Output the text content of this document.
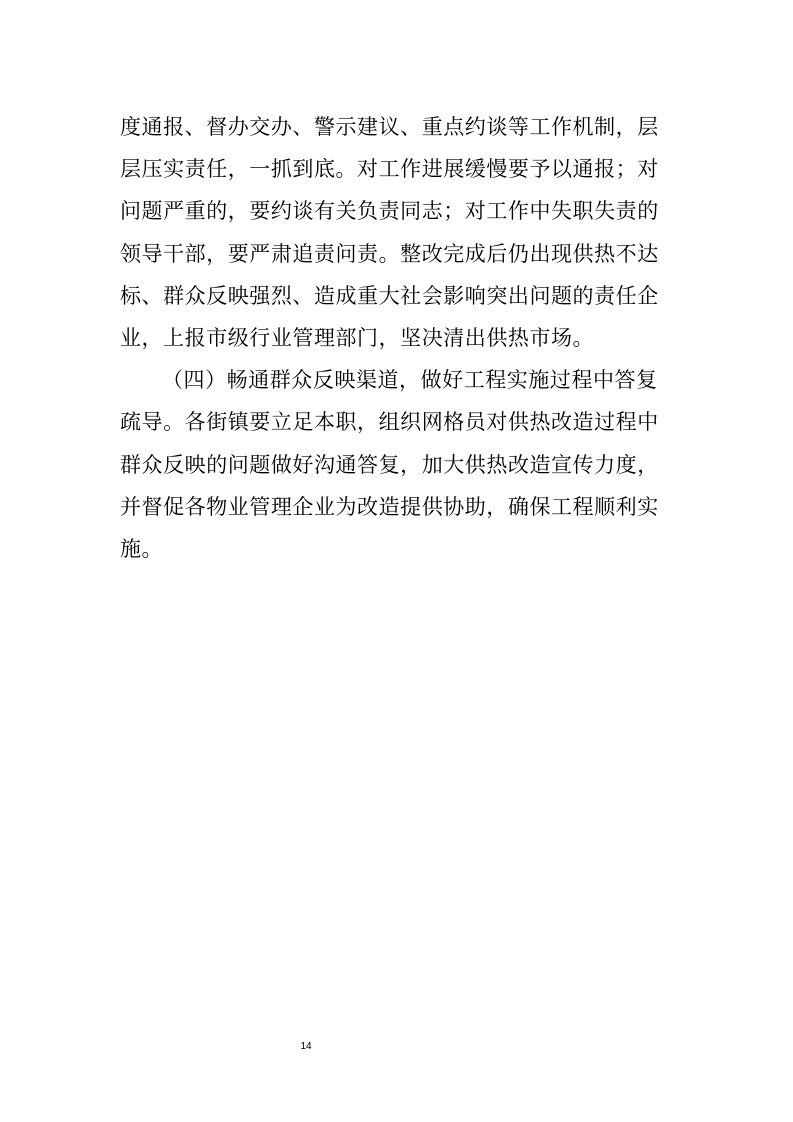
度通报、督办交办、警示建议、重点约谈等工作机制，层
层压实责任，一抓到底。对工作进展缓慢要予以通报；对
问题严重的，要约谈有关负责同志；对工作中失职失责的
领导干部，要严肃追责问责。整改完成后仍出现供热不达
标、群众反映强烈、造成重大社会影响突出问题的责任企
业，上报市级行业管理部门，坚决清出供热市场。
（四）畅通群众反映渠道，做好工程实施过程中答复
疏导。各街镇要立足本职，组织网格员对供热改造过程中
群众反映的问题做好沟通答复，加大供热改造宣传力度，
并督促各物业管理企业为改造提供协助，确保工程顺利实
施。
14
